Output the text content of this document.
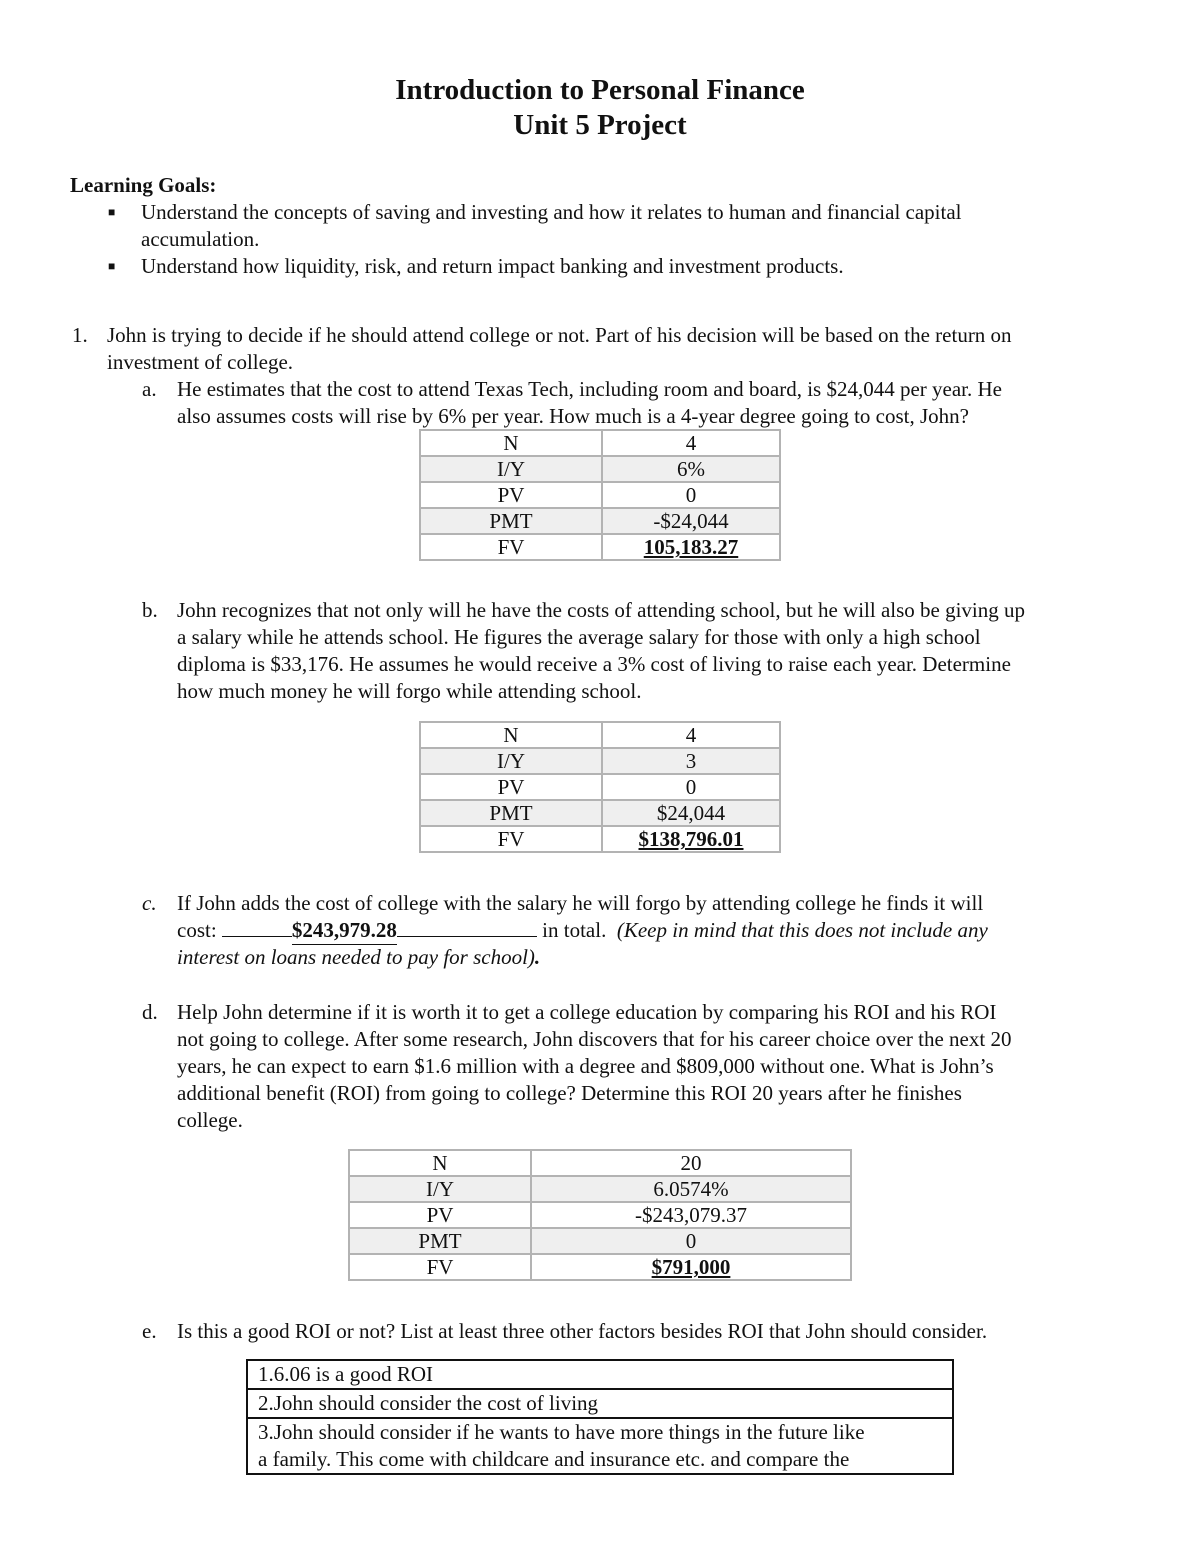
Introduction to Personal Finance
Unit 5 Project
Learning Goals:
■ Understand the concepts of saving and investing and how it relates to human and financial capital
accumulation.
■ Understand how liquidity, risk, and return impact banking and investment products.
1. John is trying to decide if he should attend college or not. Part of his decision will be based on the return on
investment of college.
a. He estimates that the cost to attend Texas Tech, including room and board, is $24,044 per year. He
also assumes costs will rise by 6% per year. How much is a 4-year degree going to cost, John?
N	4
I/Y	6%
PV	0
PMT	-$24,044
FV	105,183.27
b. John recognizes that not only will he have the costs of attending school, but he will also be giving up
a salary while he attends school. He figures the average salary for those with only a high school
diploma is $33,176. He assumes he would receive a 3% cost of living to raise each year. Determine
how much money he will forgo while attending school.
N	4
I/Y	3
PV	0
PMT	$24,044
FV	$138,796.01
c. If John adds the cost of college with the salary he will forgo by attending college he finds it will
cost:	$243,979.28	in total.  (Keep in mind that this does not include any
interest on loans needed to pay for school).
d. Help John determine if it is worth it to get a college education by comparing his ROI and his ROI
not going to college. After some research, John discovers that for his career choice over the next 20
years, he can expect to earn $1.6 million with a degree and $809,000 without one. What is John’s
additional benefit (ROI) from going to college? Determine this ROI 20 years after he finishes
college.
N	20
I/Y	6.0574%
PV	-$243,079.37
PMT	0
FV	$791,000
e. Is this a good ROI or not? List at least three other factors besides ROI that John should consider.
1.6.06 is a good ROI
2.John should consider the cost of living
3.John should consider if he wants to have more things in the future like
a family. This come with childcare and insurance etc. and compare the
